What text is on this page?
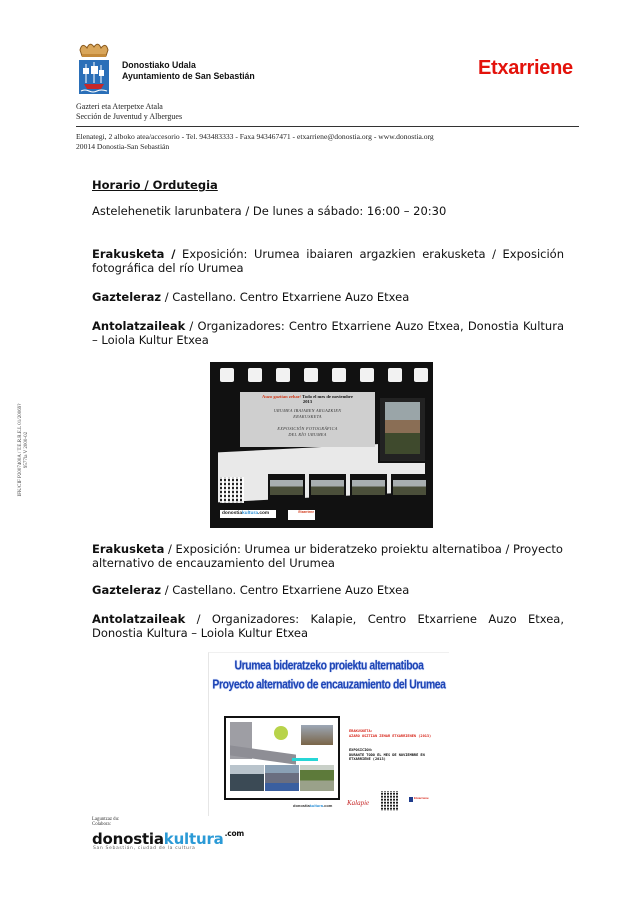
Donostiako Udala
Ayuntamiento de San Sebastián	Etxarriene
Gazteri eta Aterpetxe Atala
Sección de Juventud y Albergues
Elenategi, 2 alboko atea/accesorio - Tel. 943483333 - Faxa 943467471 - etxarriene@donostia.org - www.donostia.org
20014 Donostia-San Sebastián
IFK/CIF P2007400A / T.E.R.R.E.L 01/20069? 9577la V 2000-02
Horario / Ordutegia
Astelehenetik larunbatera / De lunes a sábado: 16:00 – 20:30
Erakusketa / Exposición: Urumea ibaiaren argazkien erakusketa / Exposición fotográfica del río Urumea
Gazteleraz / Castellano. Centro Etxarriene Auzo Etxea
Antolatzaileak / Organizadores: Centro Etxarriene Auzo Etxea, Donostia Kultura – Loiola Kultur Etxea
Auzo gaztian zehar/ Todo el mes de noviembre
2013
URUMEA IBAIAREN ARGAZKIEN
ERAKUSKETA
EXPOSICIÓN FOTOGRÁFICA
DEL RÍO URUMEA
donostiakultura.com	Etxarriene
Erakusketa / Exposición: Urumea ur bideratzeko proiektu alternatiboa / Proyecto alternativo de encauzamiento del Urumea
Gazteleraz / Castellano. Centro Etxarriene Auzo Etxea
Antolatzaileak / Organizadores: Kalapie, Centro Etxarriene Auzo Etxea, Donostia Kultura – Loiola Kultur Etxea
Urumea bideratzeko proiektu alternatiboa
Proyecto alternativo de encauzamiento del Urumea
ERAKUSKETA:
AZARO OSZTIAN ZEHAR ETXARRIENEN (2013)
EXPOSICION:
DURANTE TODO EL MES DE NOVIEMBRE EN ETXARRIENE (2013)
donostiakultura.com Kalapie
Etxarriene
Laguntzaz du:
Colabora:
donostiakultura$^{.com}$
San Sebastián, ciudad de la cultura
